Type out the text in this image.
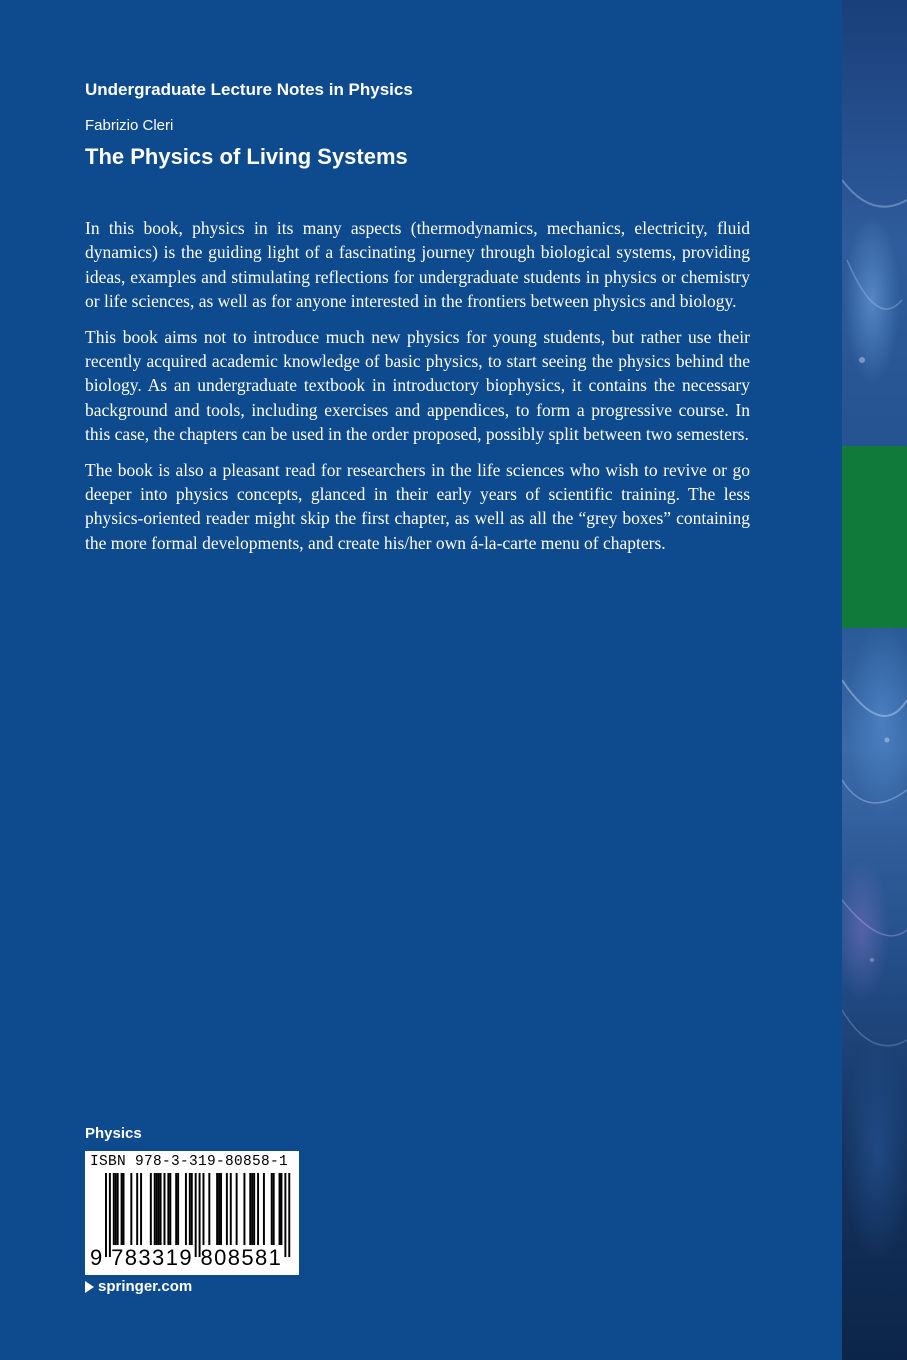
Undergraduate Lecture Notes in Physics

Fabrizio Cleri

The Physics of Living Systems

In this book, physics in its many aspects (thermodynamics, mechanics, electricity, fluid dynamics) is the guiding light of a fascinating journey through biological systems, providing ideas, examples and stimulating reflections for undergraduate students in physics or chemistry or life sciences, as well as for anyone interested in the frontiers between physics and biology.

This book aims not to introduce much new physics for young students, but rather use their recently acquired academic knowledge of basic physics, to start seeing the physics behind the biology. As an undergraduate textbook in introductory biophysics, it contains the necessary background and tools, including exercises and appendices, to form a progressive course. In this case, the chapters can be used in the order proposed, possibly split between two semesters.

The book is also a pleasant read for researchers in the life sciences who wish to revive or go deeper into physics concepts, glanced in their early years of scientific training. The less physics-oriented reader might skip the first chapter, as well as all the “grey boxes” containing the more formal developments, and create his/her own á-la-carte menu of chapters.

Physics

ISBN 978-3-319-80858-1

9 783319 808581

springer.com
